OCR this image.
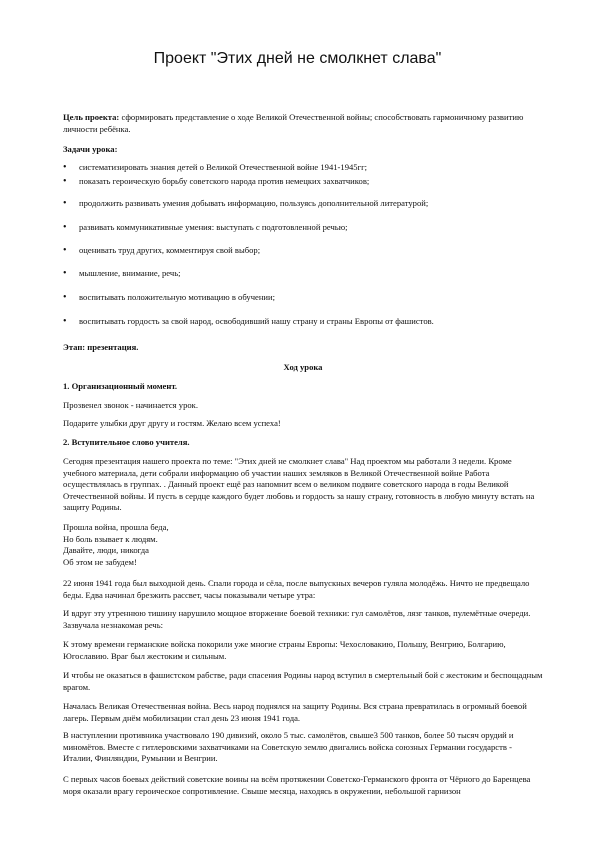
Проект "Этих дней не смолкнет слава"
Цель проекта: сформировать представление о ходе Великой Отечественной войны; способствовать гармоничному развитию личности ребёнка.
Задачи урока:
•
систематизировать знания детей о Великой Отечественной войне 1941-1945гг;
•
показать героическую борьбу советского народа против немецких захватчиков;
•
продолжить развивать умения добывать информацию, пользуясь дополнительной литературой;
•
развивать коммуникативные умения: выступать с подготовленной речью;
•
оценивать труд других, комментируя свой выбор;
•
мышление, внимание, речь;
•
воспитывать положительную мотивацию в обучении;
•
воспитывать гордость за свой народ, освободивший нашу страну и страны Европы от фашистов.
Этап: презентация.
Ход урока
1. Организационный момент.
Прозвенел звонок - начинается урок.
Подарите улыбки друг другу и гостям. Желаю всем успеха!
2. Вступительное слово учителя.
Сегодня презентация нашего проекта по теме: "Этих дней не смолкнет слава" Над проектом мы работали 3 недели. Кроме учебного материала, дети собрали информацию об участии наших земляков в Великой Отечественной войне Работа осуществлялась в группах. . Данный проект ещё раз напомнит всем о великом подвиге советского народа в годы Великой Отечественной войны. И пусть в сердце каждого будет любовь и гордость за нашу страну, готовность в любую минуту встать на защиту Родины.
Прошла война, прошла беда,
Но боль взывает к людям.
Давайте, люди, никогда
Об этом не забудем!
22 июня 1941 года был выходной день. Спали города и сёла, после выпускных вечеров гуляла молодёжь. Ничто не предвещало беды. Едва начинал брезжить рассвет, часы показывали четыре утра:
И вдруг эту утреннюю тишину нарушило мощное вторжение боевой техники: гул самолётов, лязг танков, пулемётные очереди. Зазвучала незнакомая речь:
К этому времени германские войска покорили уже многие страны Европы: Чехословакию, Польшу, Венгрию, Болгарию, Югославию. Враг был жестоким и сильным.
И чтобы не оказаться в фашистском рабстве, ради спасения Родины народ вступил в смертельный бой с жестоким и беспощадным врагом.
Началась Великая Отечественная война. Весь народ поднялся на защиту Родины. Вся страна превратилась в огромный боевой лагерь. Первым днём мобилизации стал день 23 июня 1941 года.
В наступлении противника участвовало 190 дивизий, около 5 тыс. самолётов, свыше3 500 танков, более 50 тысяч орудий и миномётов. Вместе с гитлеровскими захватчиками на Советскую землю двигались войска союзных Германии государств - Италии, Финляндии, Румынии и Венгрии.
С первых часов боевых действий советские воины на всём протяжении Советско-Германского фронта от Чёрного до Баренцева моря оказали врагу героическое сопротивление. Свыше месяца, находясь в окружении, небольшой гарнизон
